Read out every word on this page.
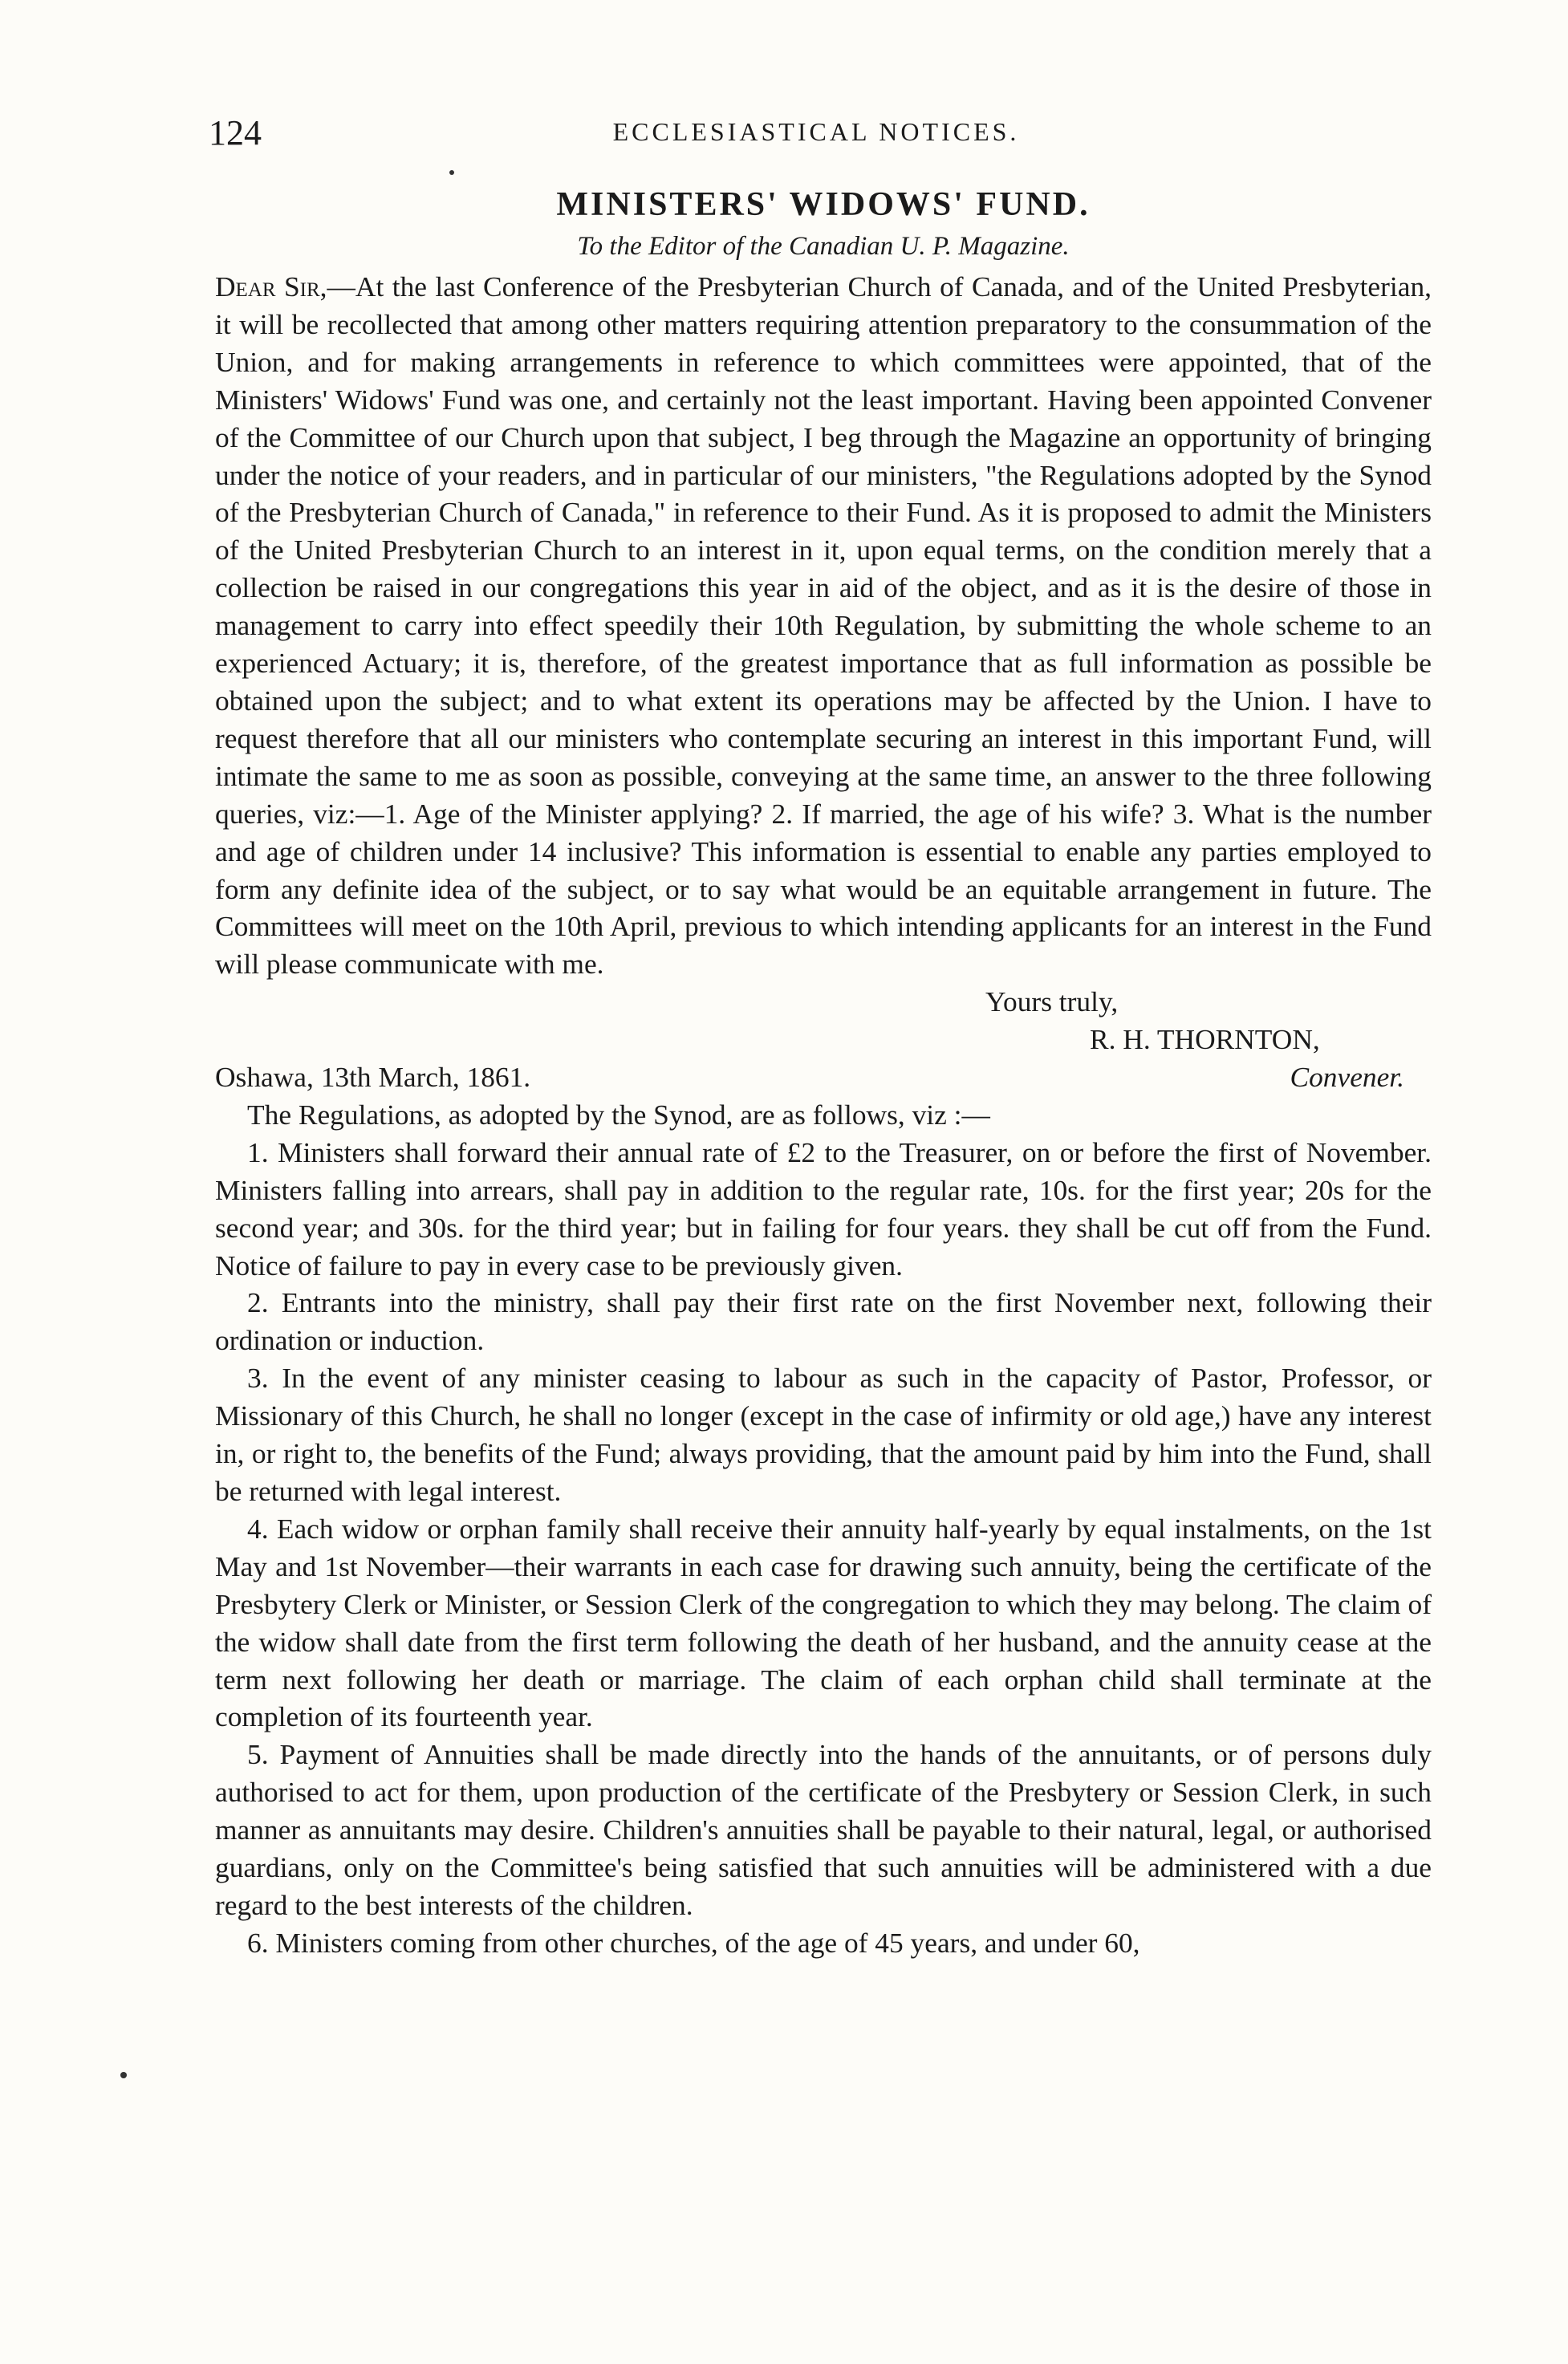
124	ECCLESIASTICAL NOTICES.
MINISTERS' WIDOWS' FUND.
To the Editor of the Canadian U. P. Magazine.

Dear Sir,—At the last Conference of the Presbyterian Church of Canada, and of the United Presbyterian, it will be recollected that among other matters requiring attention preparatory to the consummation of the Union, and for making arrangements in reference to which committees were appointed, that of the Ministers' Widows' Fund was one, and certainly not the least important. Having been appointed Convener of the Committee of our Church upon that subject, I beg through the Magazine an opportunity of bringing under the notice of your readers, and in particular of our ministers, "the Regulations adopted by the Synod of the Presbyterian Church of Canada," in reference to their Fund. As it is proposed to admit the Ministers of the United Presbyterian Church to an interest in it, upon equal terms, on the condition merely that a collection be raised in our congregations this year in aid of the object, and as it is the desire of those in management to carry into effect speedily their 10th Regulation, by submitting the whole scheme to an experienced Actuary; it is, therefore, of the greatest importance that as full information as possible be obtained upon the subject; and to what extent its operations may be affected by the Union. I have to request therefore that all our ministers who contemplate securing an interest in this important Fund, will intimate the same to me as soon as possible, conveying at the same time, an answer to the three following queries, viz:—1. Age of the Minister applying? 2. If married, the age of his wife? 3. What is the number and age of children under 14 inclusive? This information is essential to enable any parties employed to form any definite idea of the subject, or to say what would be an equitable arrangement in future. The Committees will meet on the 10th April, previous to which intending applicants for an interest in the Fund will please communicate with me.

Yours truly,
R. H. THORNTON,
Oshawa, 13th March, 1861.	Convener.

The Regulations, as adopted by the Synod, are as follows, viz :—

1. Ministers shall forward their annual rate of £2 to the Treasurer, on or before the first of November. Ministers falling into arrears, shall pay in addition to the regular rate, 10s. for the first year; 20s for the second year; and 30s. for the third year; but in failing for four years. they shall be cut off from the Fund. Notice of failure to pay in every case to be previously given.

2. Entrants into the ministry, shall pay their first rate on the first November next, following their ordination or induction.

3. In the event of any minister ceasing to labour as such in the capacity of Pastor, Professor, or Missionary of this Church, he shall no longer (except in the case of infirmity or old age,) have any interest in, or right to, the benefits of the Fund; always providing, that the amount paid by him into the Fund, shall be returned with legal interest.

4. Each widow or orphan family shall receive their annuity half-yearly by equal instalments, on the 1st May and 1st November—their warrants in each case for drawing such annuity, being the certificate of the Presbytery Clerk or Minister, or Session Clerk of the congregation to which they may belong. The claim of the widow shall date from the first term following the death of her husband, and the annuity cease at the term next following her death or marriage. The claim of each orphan child shall terminate at the completion of its fourteenth year.

5. Payment of Annuities shall be made directly into the hands of the annuitants, or of persons duly authorised to act for them, upon production of the certificate of the Presbytery or Session Clerk, in such manner as annuitants may desire. Children's annuities shall be payable to their natural, legal, or authorised guardians, only on the Committee's being satisfied that such annuities will be administered with a due regard to the best interests of the children.

6. Ministers coming from other churches, of the age of 45 years, and under 60,
